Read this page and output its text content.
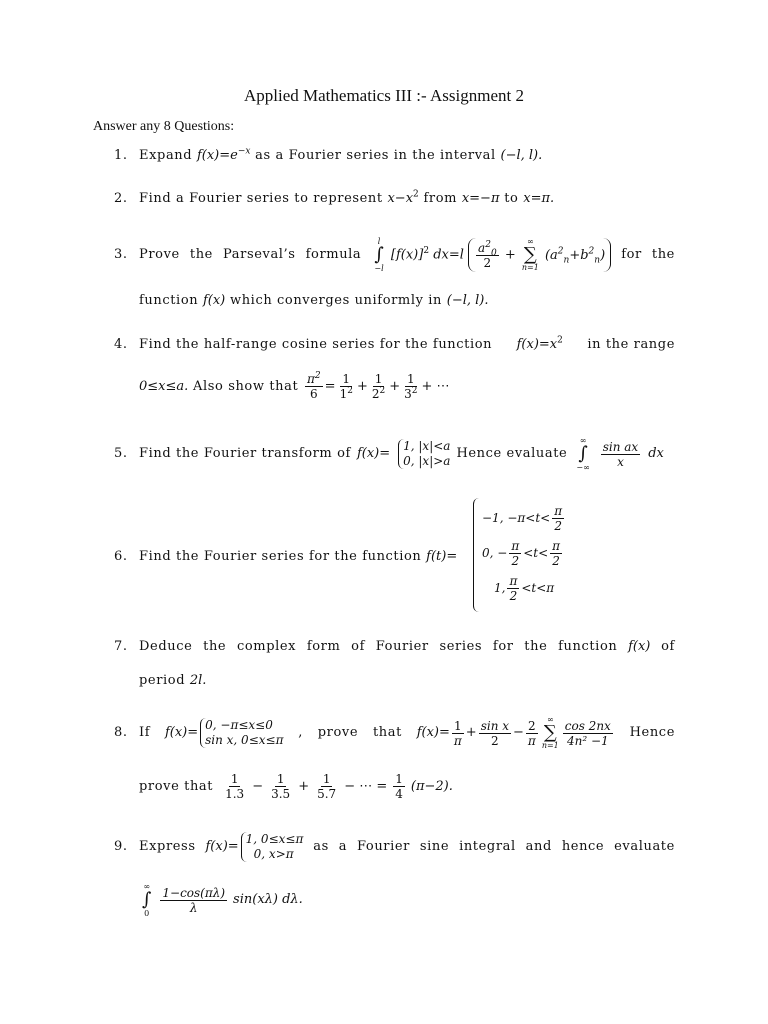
Applied Mathematics III :- Assignment 2
Answer any 8 Questions:
1. Expand $f(x)=e^{-x}$ as a Fourier series in the interval (−l, l).
2. Find a Fourier series to represent $x-x^2$ from x=−π to x=π.
3. Prove the Parseval’s formula
l
∫
−l
$[f(x)]^2$ $dx=l \frac{a^2_0}{2}$ +
∞
∑
n=1
$(a^2_n+b^2_n)$	for the
function f(x) which converges uniformly in (−l, l).
4. Find the half-range cosine series for the function $f(x)=x^2$ in the range
0≤x≤a. Also show that $\frac{\pi^2}{6} = \frac{1}{1^2} + \frac{1}{2^2} + \frac{1}{3^2}$ + ⋯
5. Find the Fourier transform of f(x)= 1, |x|<a
0, |x|>a Hence evaluate
∞
∫
−∞ $\frac{\text{sin ax}}{x}$ dx
6. Find the Fourier series for the function f(t)=
−1, $-\pi<t< \frac{\pi}{2}$
0, − $\frac{\pi}{2} <t< \frac{\pi}{2}$
1, $\frac{\pi}{2} <t<\pi$
7. Deduce the complex form of Fourier series for the function f(x) of
period 2l.
8. If f(x)= 0, −π≤x≤0
sin x, 0≤x≤π , prove that $f(x)= \frac{1}{\pi} + \frac{\text{sin x}}{2} - \frac{2}{\pi}$ ∞
∑
$n=1 \frac{\cos 2nx}{\text{4n² −1}}$ Hence
prove that $\frac{1}{1.3} - \frac{1}{3.5} + \frac{1}{5.7}$ − ⋯ = $\frac{1}{4} (\pi-2)$.
9. Express f(x)= 1, 0≤x≤π
0, x>π	as a Fourier sine integral and hence evaluate
∞
∫
$0 \frac{1-\cos(\pi\lambda)}{\lambda} \sin(x\lambda)$ dλ.
